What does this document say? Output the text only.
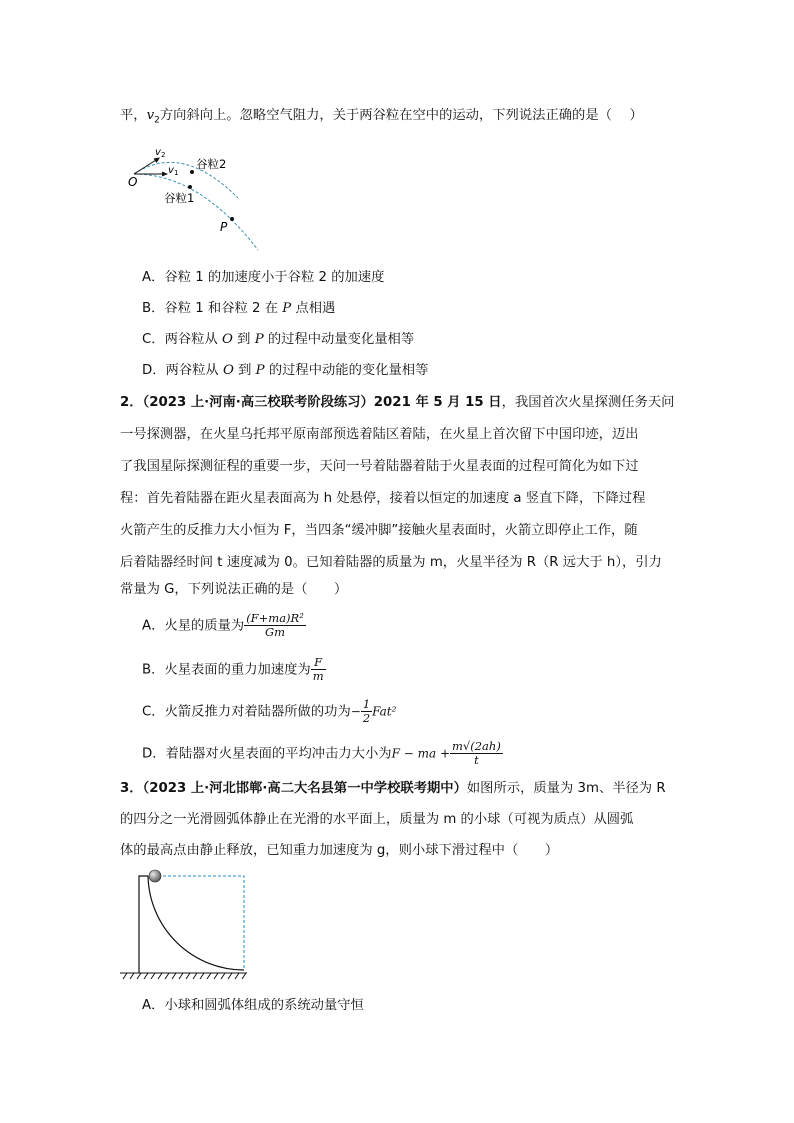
平，$v_2$方向斜向上。忽略空气阻力，关于两谷粒在空中的运动，下列说法正确的是（　 ）
O
v 2
v 1
谷粒2
谷粒1
P
A．谷粒 1 的加速度小于谷粒 2 的加速度
B．谷粒 1 和谷粒 2 在 P 点相遇
C．两谷粒从 O 到 P 的过程中动量变化量相等
D．两谷粒从 O 到 P 的过程中动能的变化量相等
2．（2023 上·河南·高三校联考阶段练习）2021 年 5 月 15 日，我国首次火星探测任务天问
一号探测器，在火星乌托邦平原南部预选着陆区着陆，在火星上首次留下中国印迹，迈出
了我国星际探测征程的重要一步，天问一号着陆器着陆于火星表面的过程可简化为如下过
程：首先着陆器在距火星表面高为 h 处悬停，接着以恒定的加速度 a 竖直下降，下降过程
火箭产生的反推力大小恒为 F，当四条“缓冲脚”接触火星表面时，火箭立即停止工作，随
后着陆器经时间 t 速度减为 0。已知着陆器的质量为 m，火星半径为 R（R 远大于 h），引力
常量为 G，下列说法正确的是（　　）
A．火星的质量为 $\frac{\text{(F+ma)R²}}{Gm}$
B．火星表面的重力加速度为 $\frac{F}{m}$
C．火箭反推力对着陆器所做的功为− $\frac{1}{2} Fat^2$
D．着陆器对火星表面的平均冲击力大小为F − ma + $\frac{m√(2ah)}{t}$
3．（2023 上·河北邯郸·高二大名县第一中学校联考期中）如图所示，质量为 3m、半径为 R
的四分之一光滑圆弧体静止在光滑的水平面上，质量为 m 的小球（可视为质点）从圆弧
体的最高点由静止释放，已知重力加速度为 g，则小球下滑过程中（　　）
A．小球和圆弧体组成的系统动量守恒
